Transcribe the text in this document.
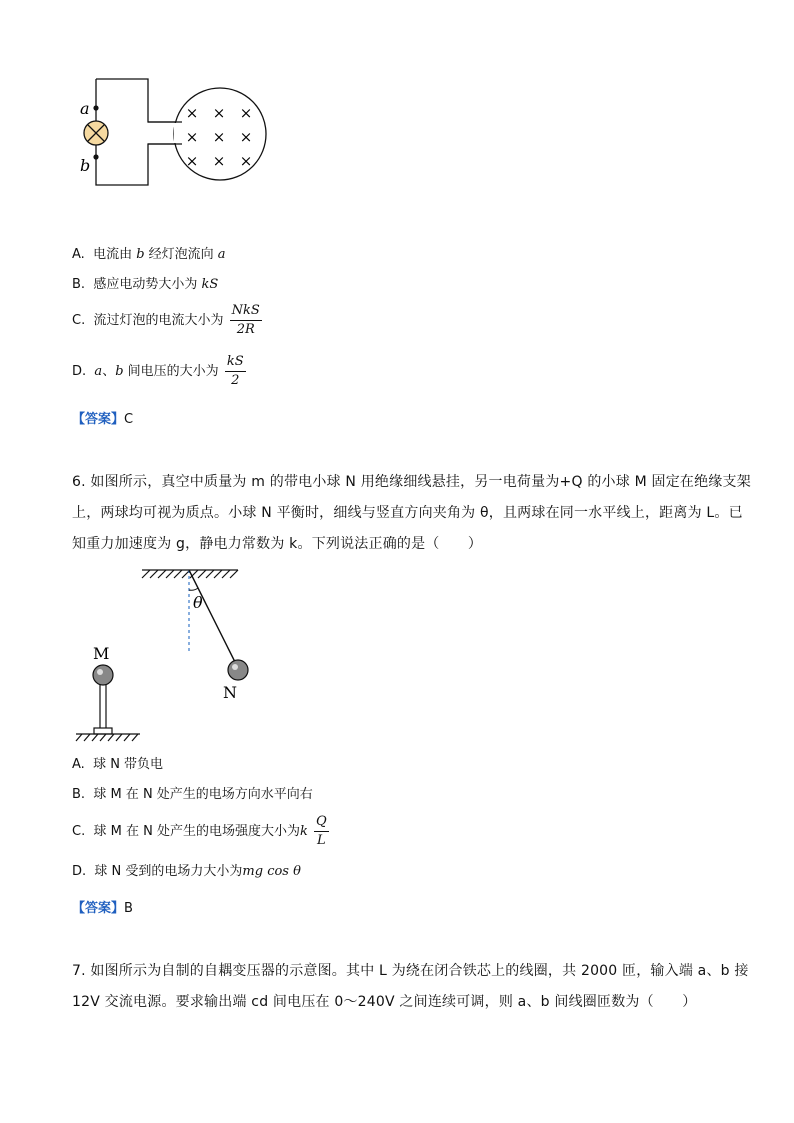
a
b
× × ×
× × ×
× × ×
A. 电流由 b 经灯泡流向 a
B. 感应电动势大小为 kS
C. 流过灯泡的电流大小为 $\frac{\text{NkS}}{2R}$
D. a、b 间电压的大小为 $\frac{kS}{2}$
【答案】C
6. 如图所示，真空中质量为 m 的带电小球 N 用绝缘细线悬挂，另一电荷量为+Q 的小球 M 固定在绝缘支架
上，两球均可视为质点。小球 N 平衡时，细线与竖直方向夹角为 θ，且两球在同一水平线上，距离为 L。已
知重力加速度为 g，静电力常数为 k。下列说法正确的是（　　）
θ
N
M
A. 球 N 带负电
B. 球 M 在 N 处产生的电场方向水平向右
C. 球 M 在 N 处产生的电场强度大小为k $\frac{Q}{L}$
D. 球 N 受到的电场力大小为mg cos θ
【答案】B
7. 如图所示为自制的自耦变压器的示意图。其中 L 为绕在闭合铁芯上的线圈，共 2000 匝，输入端 a、b 接
12V 交流电源。要求输出端 cd 间电压在 0～240V 之间连续可调，则 a、b 间线圈匝数为（　　）
